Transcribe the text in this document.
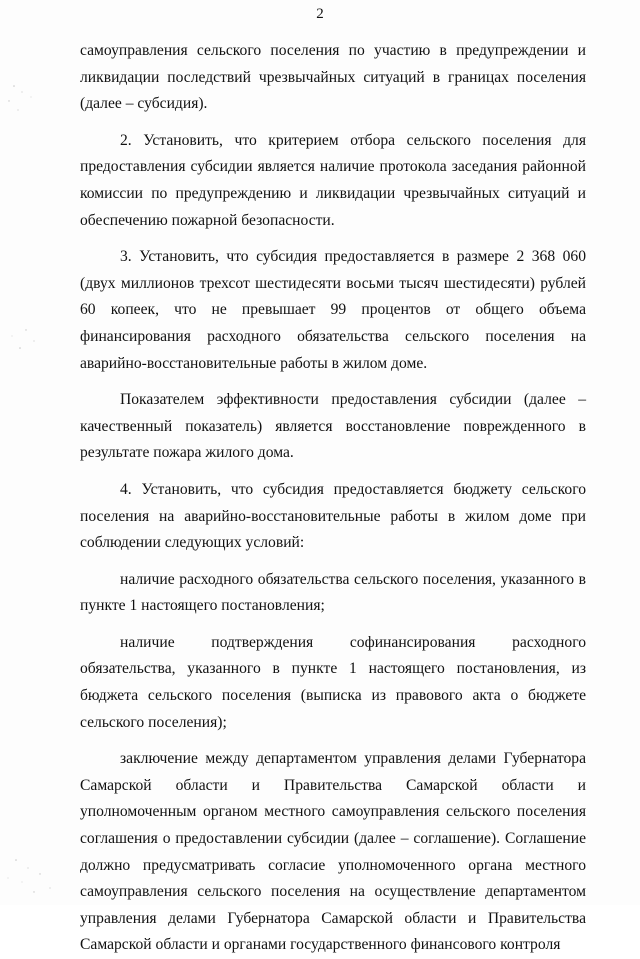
2

самоуправления сельского поселения по участию в предупреждении и ликвидации последствий чрезвычайных ситуаций в границах поселения (далее – субсидия).

2. Установить, что критерием отбора сельского поселения для предоставления субсидии является наличие протокола заседания районной комиссии по предупреждению и ликвидации чрезвычайных ситуаций и обеспечению пожарной безопасности.

3. Установить, что субсидия предоставляется в размере 2 368 060 (двух миллионов трехсот шестидесяти восьми тысяч шестидесяти) рублей 60 копеек, что не превышает 99 процентов от общего объема финансирования расходного обязательства сельского поселения на аварийно-восстановительные работы в жилом доме.

Показателем эффективности предоставления субсидии (далее – качественный показатель) является восстановление поврежденного в результате пожара жилого дома.

4. Установить, что субсидия предоставляется бюджету сельского поселения на аварийно-восстановительные работы в жилом доме при соблюдении следующих условий:

наличие расходного обязательства сельского поселения, указанного в пункте 1 настоящего постановления;

наличие подтверждения софинансирования расходного обязательства, указанного в пункте 1 настоящего постановления, из бюджета сельского поселения (выписка из правового акта о бюджете сельского поселения);

заключение между департаментом управления делами Губернатора Самарской области и Правительства Самарской области и уполномоченным органом местного самоуправления сельского поселения соглашения о предоставлении субсидии (далее – соглашение). Соглашение должно предусматривать согласие уполномоченного органа местного самоуправления сельского поселения на осуществление департаментом управления делами Губернатора Самарской области и Правительства Самарской области и органами государственного финансового контроля
